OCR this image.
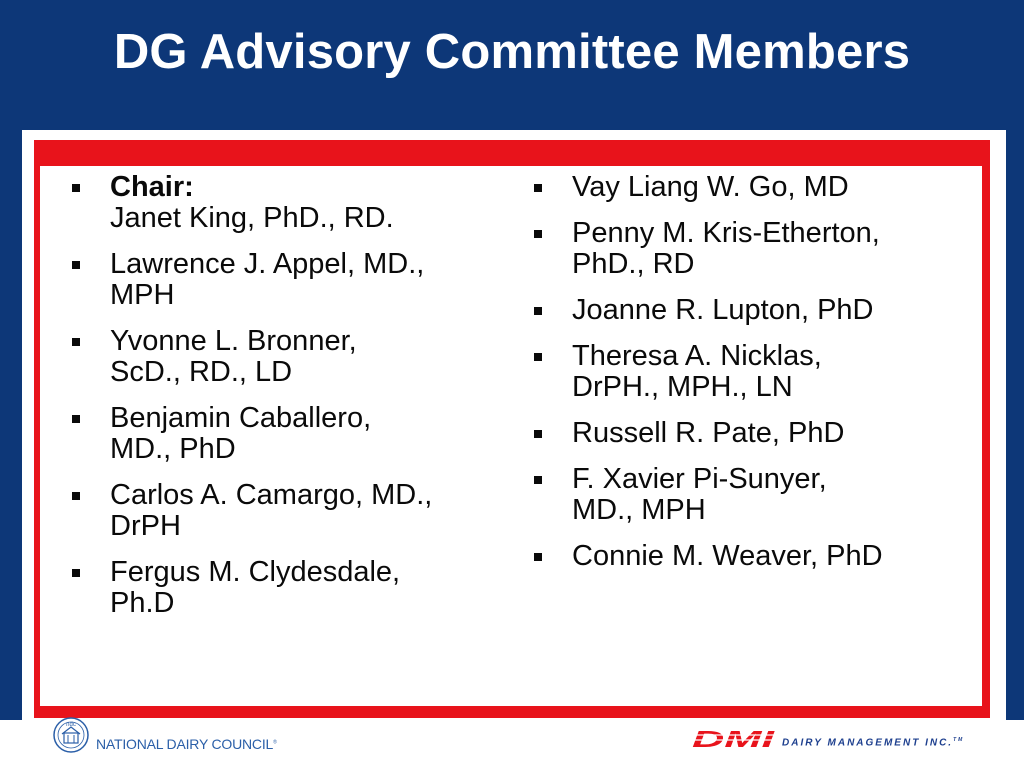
DG Advisory Committee Members
Chair:
Janet King, PhD., RD.
Lawrence J. Appel, MD.,
MPH
Yvonne L. Bronner,
ScD., RD., LD
Benjamin Caballero,
MD., PhD
Carlos A. Camargo, MD.,
DrPH
Fergus M. Clydesdale,
Ph.D
Vay Liang W. Go, MD
Penny M. Kris-Etherton,
PhD., RD
Joanne R. Lupton, PhD
Theresa A. Nicklas,
DrPH., MPH., LN
Russell R. Pate, PhD
F. Xavier Pi-Sunyer,
MD., MPH
Connie M. Weaver, PhD
ndc
NATIONAL DAIRY COUNCIL®	DMI DAIRY MANAGEMENT INC.™
